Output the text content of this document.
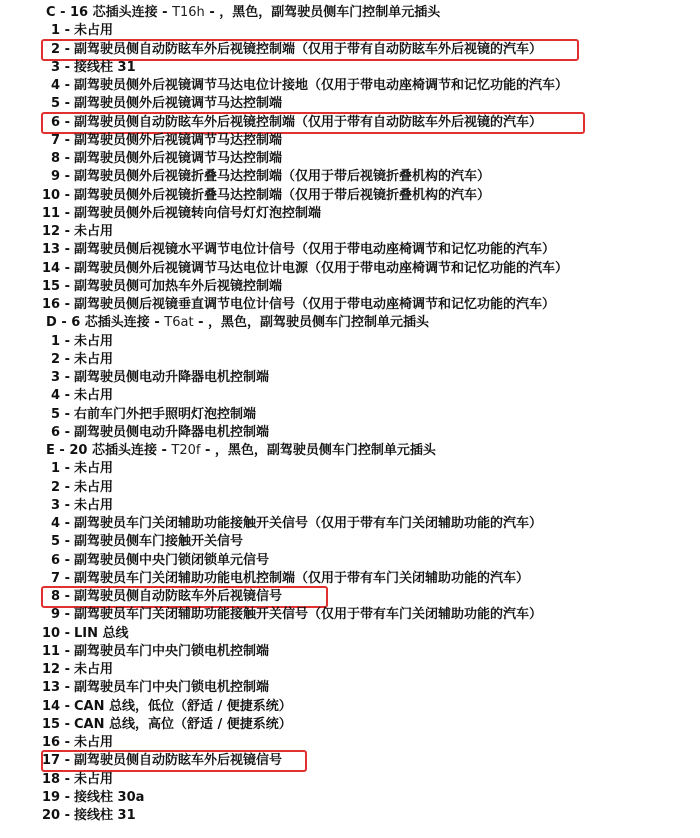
C - 16 芯插头连接 - T16h - ，黑色，副驾驶员侧车门控制单元插头
1 - 未占用
2 - 副驾驶员侧自动防眩车外后视镜控制端（仅用于带有自动防眩车外后视镜的汽车）
3 - 接线柱 31
4 - 副驾驶员侧外后视镜调节马达电位计接地（仅用于带电动座椅调节和记忆功能的汽车）
5 - 副驾驶员侧外后视镜调节马达控制端
6 - 副驾驶员侧自动防眩车外后视镜控制端（仅用于带有自动防眩车外后视镜的汽车）
7 - 副驾驶员侧外后视镜调节马达控制端
8 - 副驾驶员侧外后视镜调节马达控制端
9 - 副驾驶员侧外后视镜折叠马达控制端（仅用于带后视镜折叠机构的汽车）
10 - 副驾驶员侧外后视镜折叠马达控制端（仅用于带后视镜折叠机构的汽车）
11 - 副驾驶员侧外后视镜转向信号灯灯泡控制端
12 - 未占用
13 - 副驾驶员侧后视镜水平调节电位计信号（仅用于带电动座椅调节和记忆功能的汽车）
14 - 副驾驶员侧外后视镜调节马达电位计电源（仅用于带电动座椅调节和记忆功能的汽车）
15 - 副驾驶员侧可加热车外后视镜控制端
16 - 副驾驶员侧后视镜垂直调节电位计信号（仅用于带电动座椅调节和记忆功能的汽车）
D - 6 芯插头连接 - T6at - ，黑色，副驾驶员侧车门控制单元插头
1 - 未占用
2 - 未占用
3 - 副驾驶员侧电动升降器电机控制端
4 - 未占用
5 - 右前车门外把手照明灯泡控制端
6 - 副驾驶员侧电动升降器电机控制端
E - 20 芯插头连接 - T20f - ，黑色，副驾驶员侧车门控制单元插头
1 - 未占用
2 - 未占用
3 - 未占用
4 - 副驾驶员车门关闭辅助功能接触开关信号（仅用于带有车门关闭辅助功能的汽车）
5 - 副驾驶员侧车门接触开关信号
6 - 副驾驶员侧中央门锁闭锁单元信号
7 - 副驾驶员车门关闭辅助功能电机控制端（仅用于带有车门关闭辅助功能的汽车）
8 - 副驾驶员侧自动防眩车外后视镜信号
9 - 副驾驶员车门关闭辅助功能接触开关信号（仅用于带有车门关闭辅助功能的汽车）
10 - LIN 总线
11 - 副驾驶员车门中央门锁电机控制端
12 - 未占用
13 - 副驾驶员车门中央门锁电机控制端
14 - CAN 总线，低位（舒适 / 便捷系统）
15 - CAN 总线，高位（舒适 / 便捷系统）
16 - 未占用
17 - 副驾驶员侧自动防眩车外后视镜信号
18 - 未占用
19 - 接线柱 30a
20 - 接线柱 31
